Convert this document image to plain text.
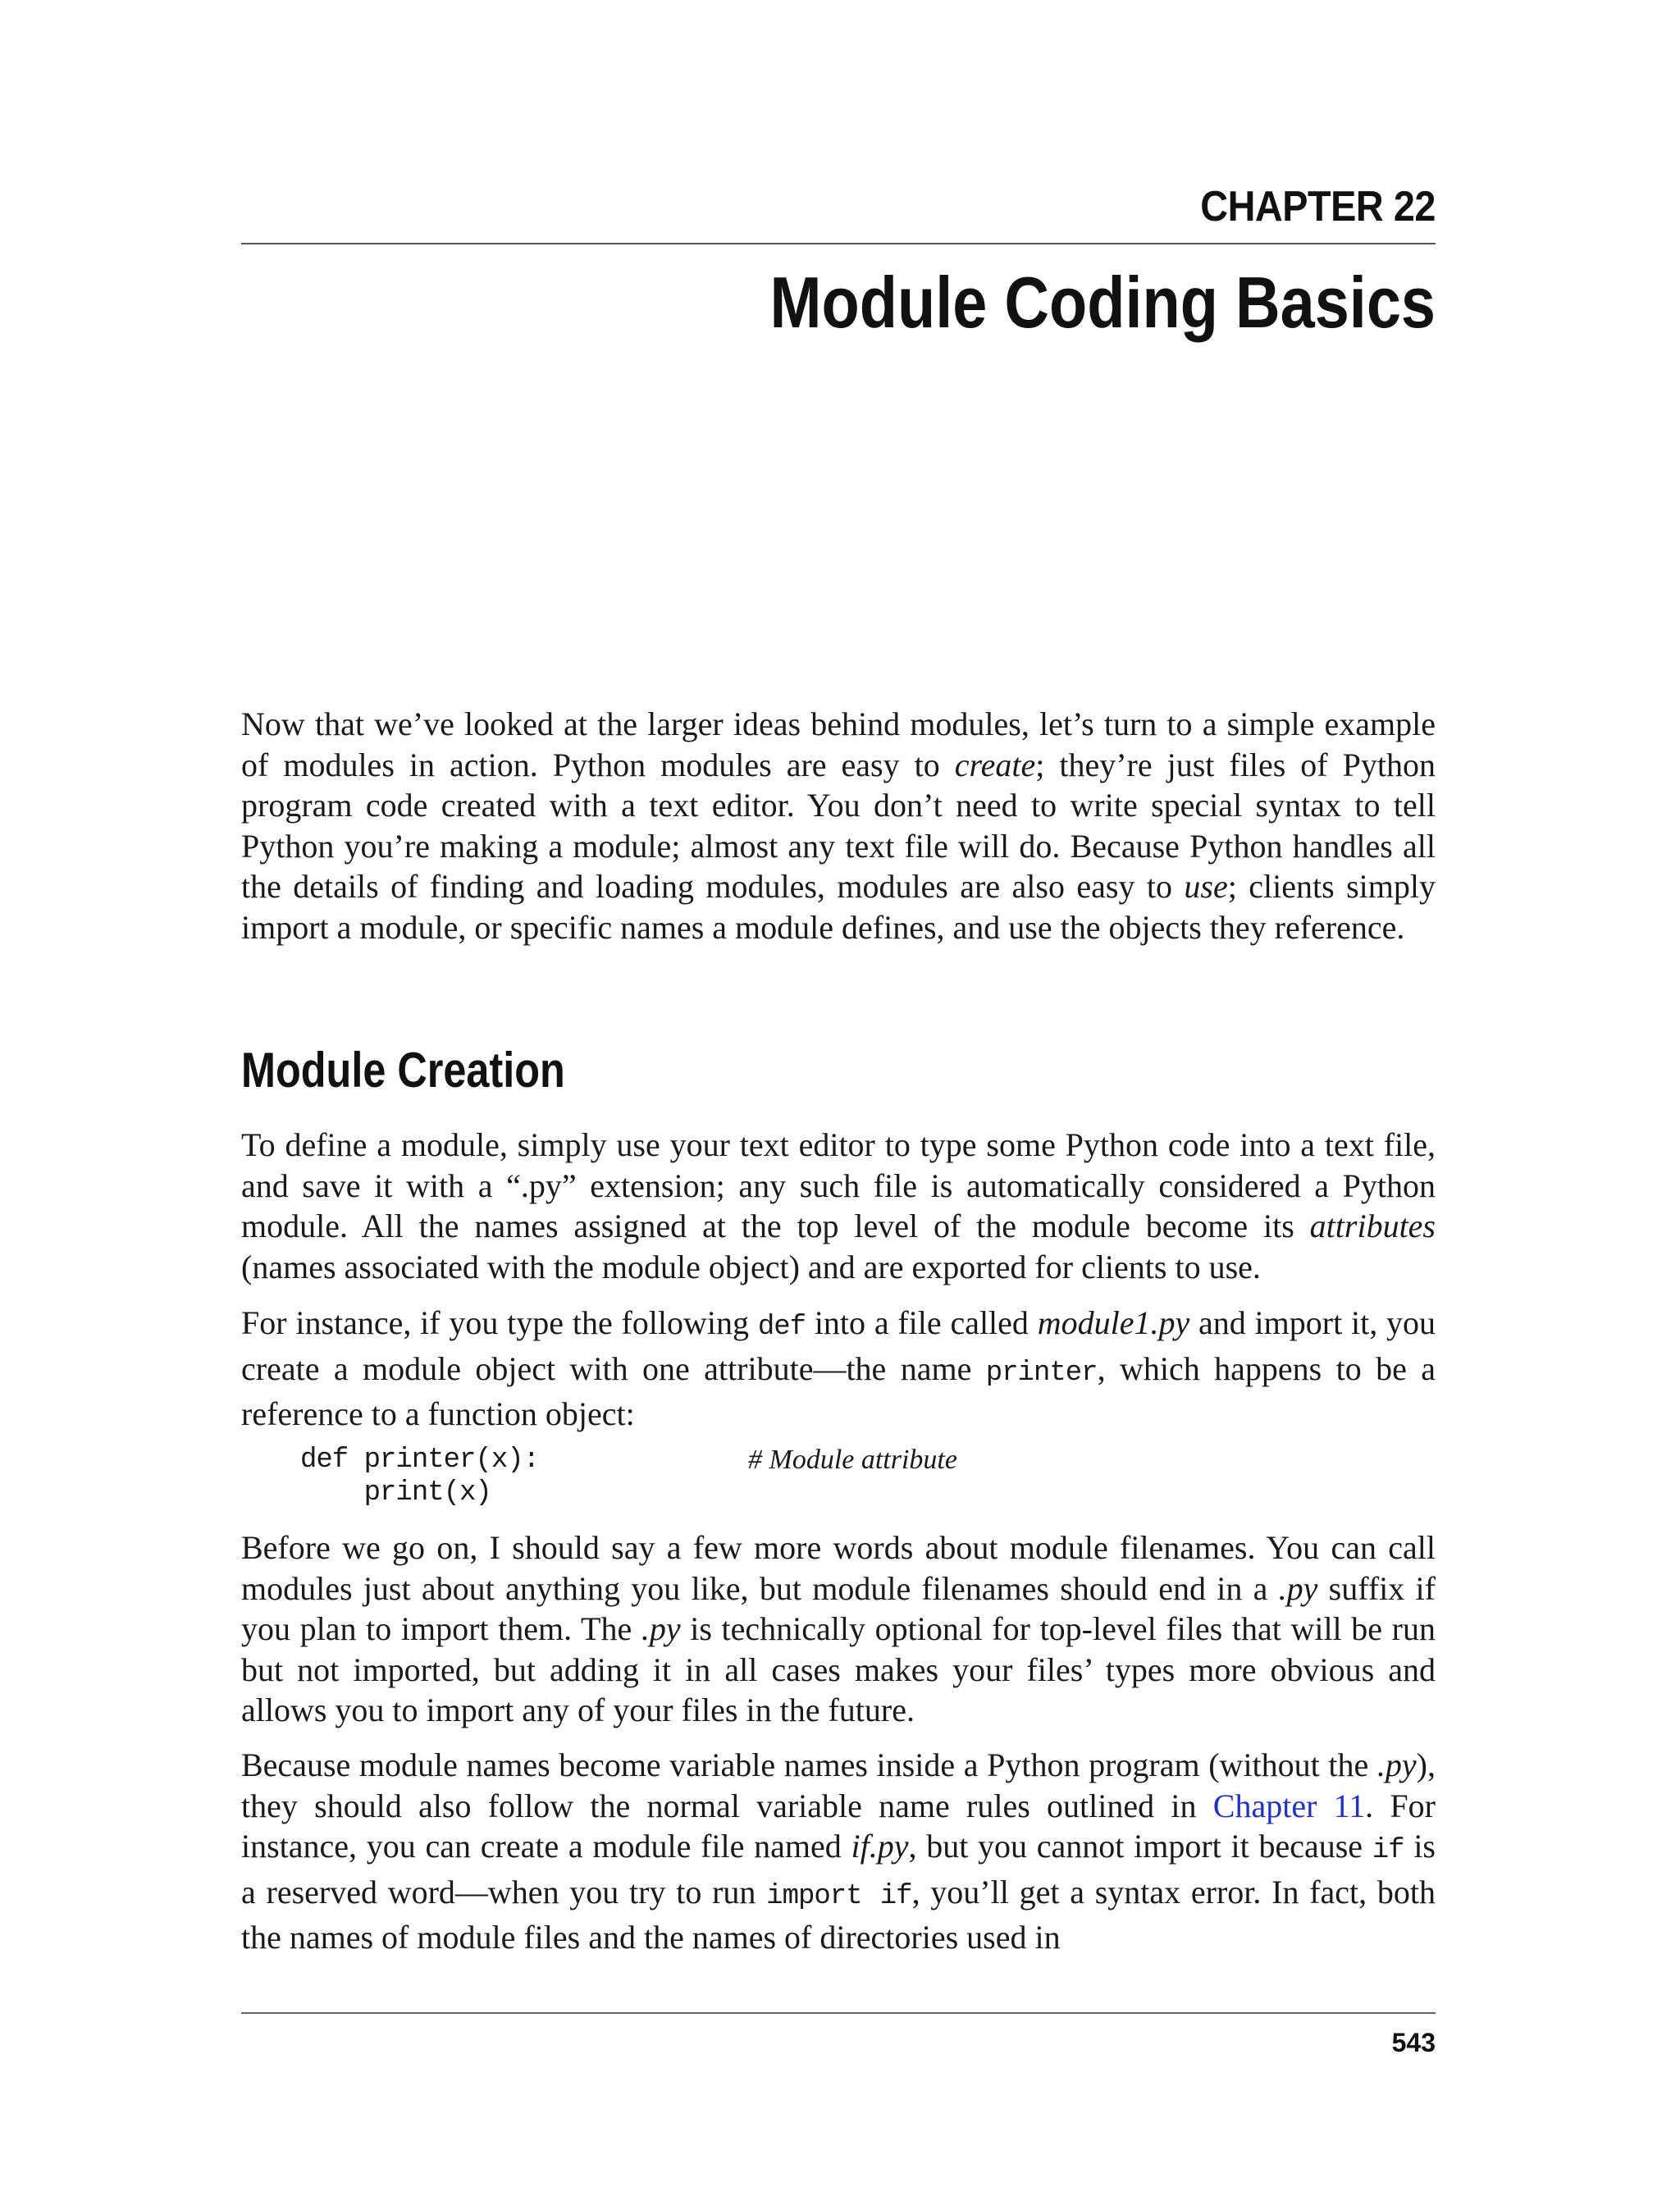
CHAPTER 22
Module Coding Basics

Now that we’ve looked at the larger ideas behind modules, let’s turn to a simple example of modules in action. Python modules are easy to create; they’re just files of Python program code created with a text editor. You don’t need to write special syntax to tell Python you’re making a module; almost any text file will do. Because Python handles all the details of finding and loading modules, modules are also easy to use; clients simply import a module, or specific names a module defines, and use the objects they reference.

Module Creation

To define a module, simply use your text editor to type some Python code into a text file, and save it with a “.py” extension; any such file is automatically considered a Python module. All the names assigned at the top level of the module become its attributes (names associated with the module object) and are exported for clients to use.

For instance, if you type the following def into a file called module1.py and import it, you create a module object with one attribute—the name printer, which happens to be a reference to a function object:

def printer(x):	# Module attribute
print(x)

Before we go on, I should say a few more words about module filenames. You can call modules just about anything you like, but module filenames should end in a .py suffix if you plan to import them. The .py is technically optional for top-level files that will be run but not imported, but adding it in all cases makes your files’ types more obvious and allows you to import any of your files in the future.

Because module names become variable names inside a Python program (without the .py), they should also follow the normal variable name rules outlined in Chapter 11. For instance, you can create a module file named if.py, but you cannot import it because if is a reserved word—when you try to run import if, you’ll get a syntax error. In fact, both the names of module files and the names of directories used in

543
